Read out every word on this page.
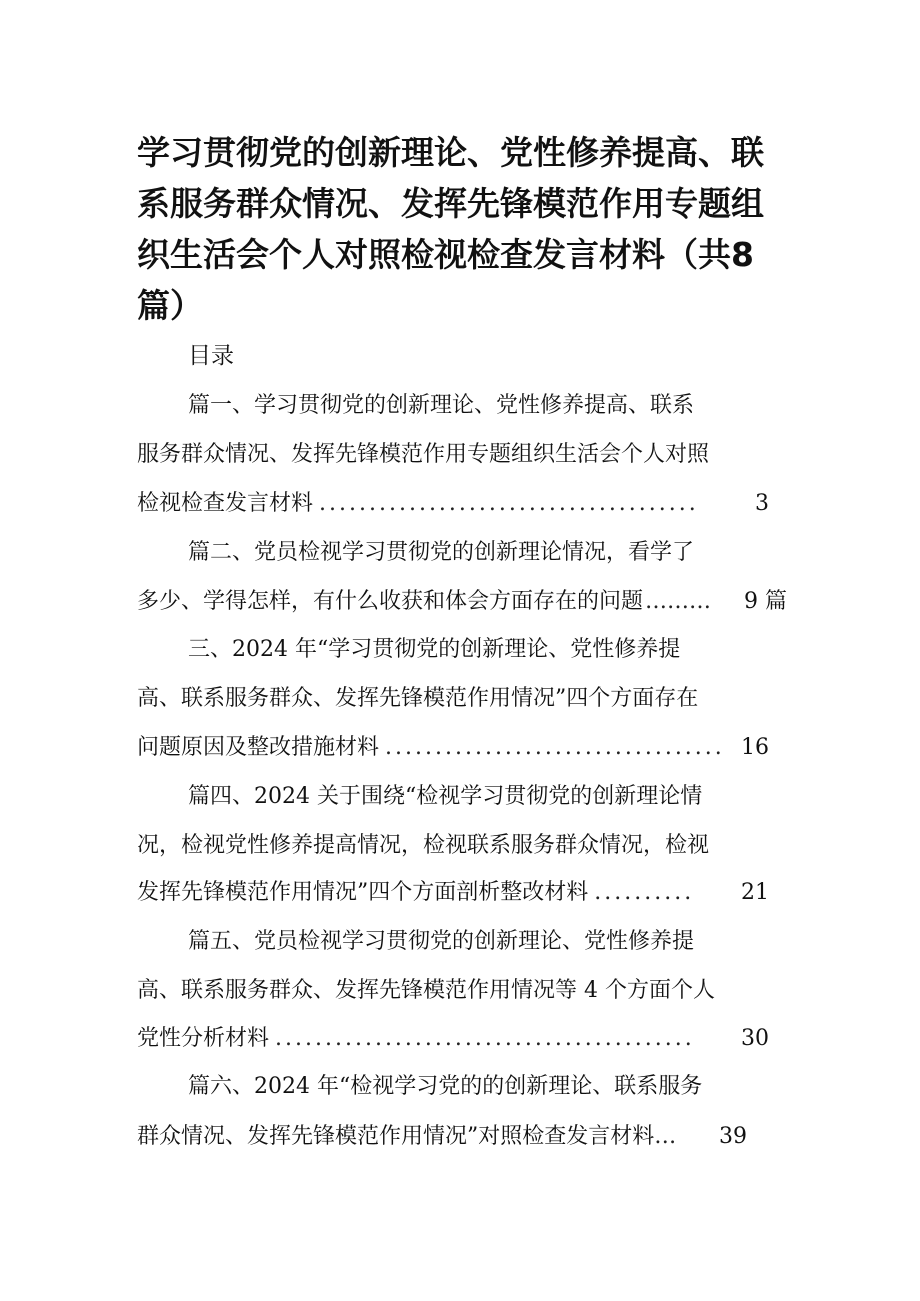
学习贯彻党的创新理论、党性修养提高、联系服务群众情况、发挥先锋模范作用专题组织生活会个人对照检视检查发言材料（共8篇）
目录
篇一、学习贯彻党的创新理论、党性修养提高、联系
服务群众情况、发挥先锋模范作用专题组织生活会个人对照
检视检查发言材料 ......................................	3
篇二、党员检视学习贯彻党的创新理论情况，看学了
多少、学得怎样，有什么收获和体会方面存在的问题 ………	9 篇
三、2024 年“学习贯彻党的创新理论、党性修养提
高、联系服务群众、发挥先锋模范作用情况”四个方面存在
问题原因及整改措施材料 .................................. 16
篇四、2024 关于围绕“检视学习贯彻党的创新理论情
况，检视党性修养提高情况，检视联系服务群众情况，检视
发挥先锋模范作用情况”四个方面剖析整改材料 ..........	21
篇五、党员检视学习贯彻党的创新理论、党性修养提
高、联系服务群众、发挥先锋模范作用情况等 4 个方面个人
党性分析材料 ..........................................	30
篇六、2024 年“检视学习党的的创新理论、联系服务
群众情况、发挥先锋模范作用情况”对照检查发言材料 …	39
